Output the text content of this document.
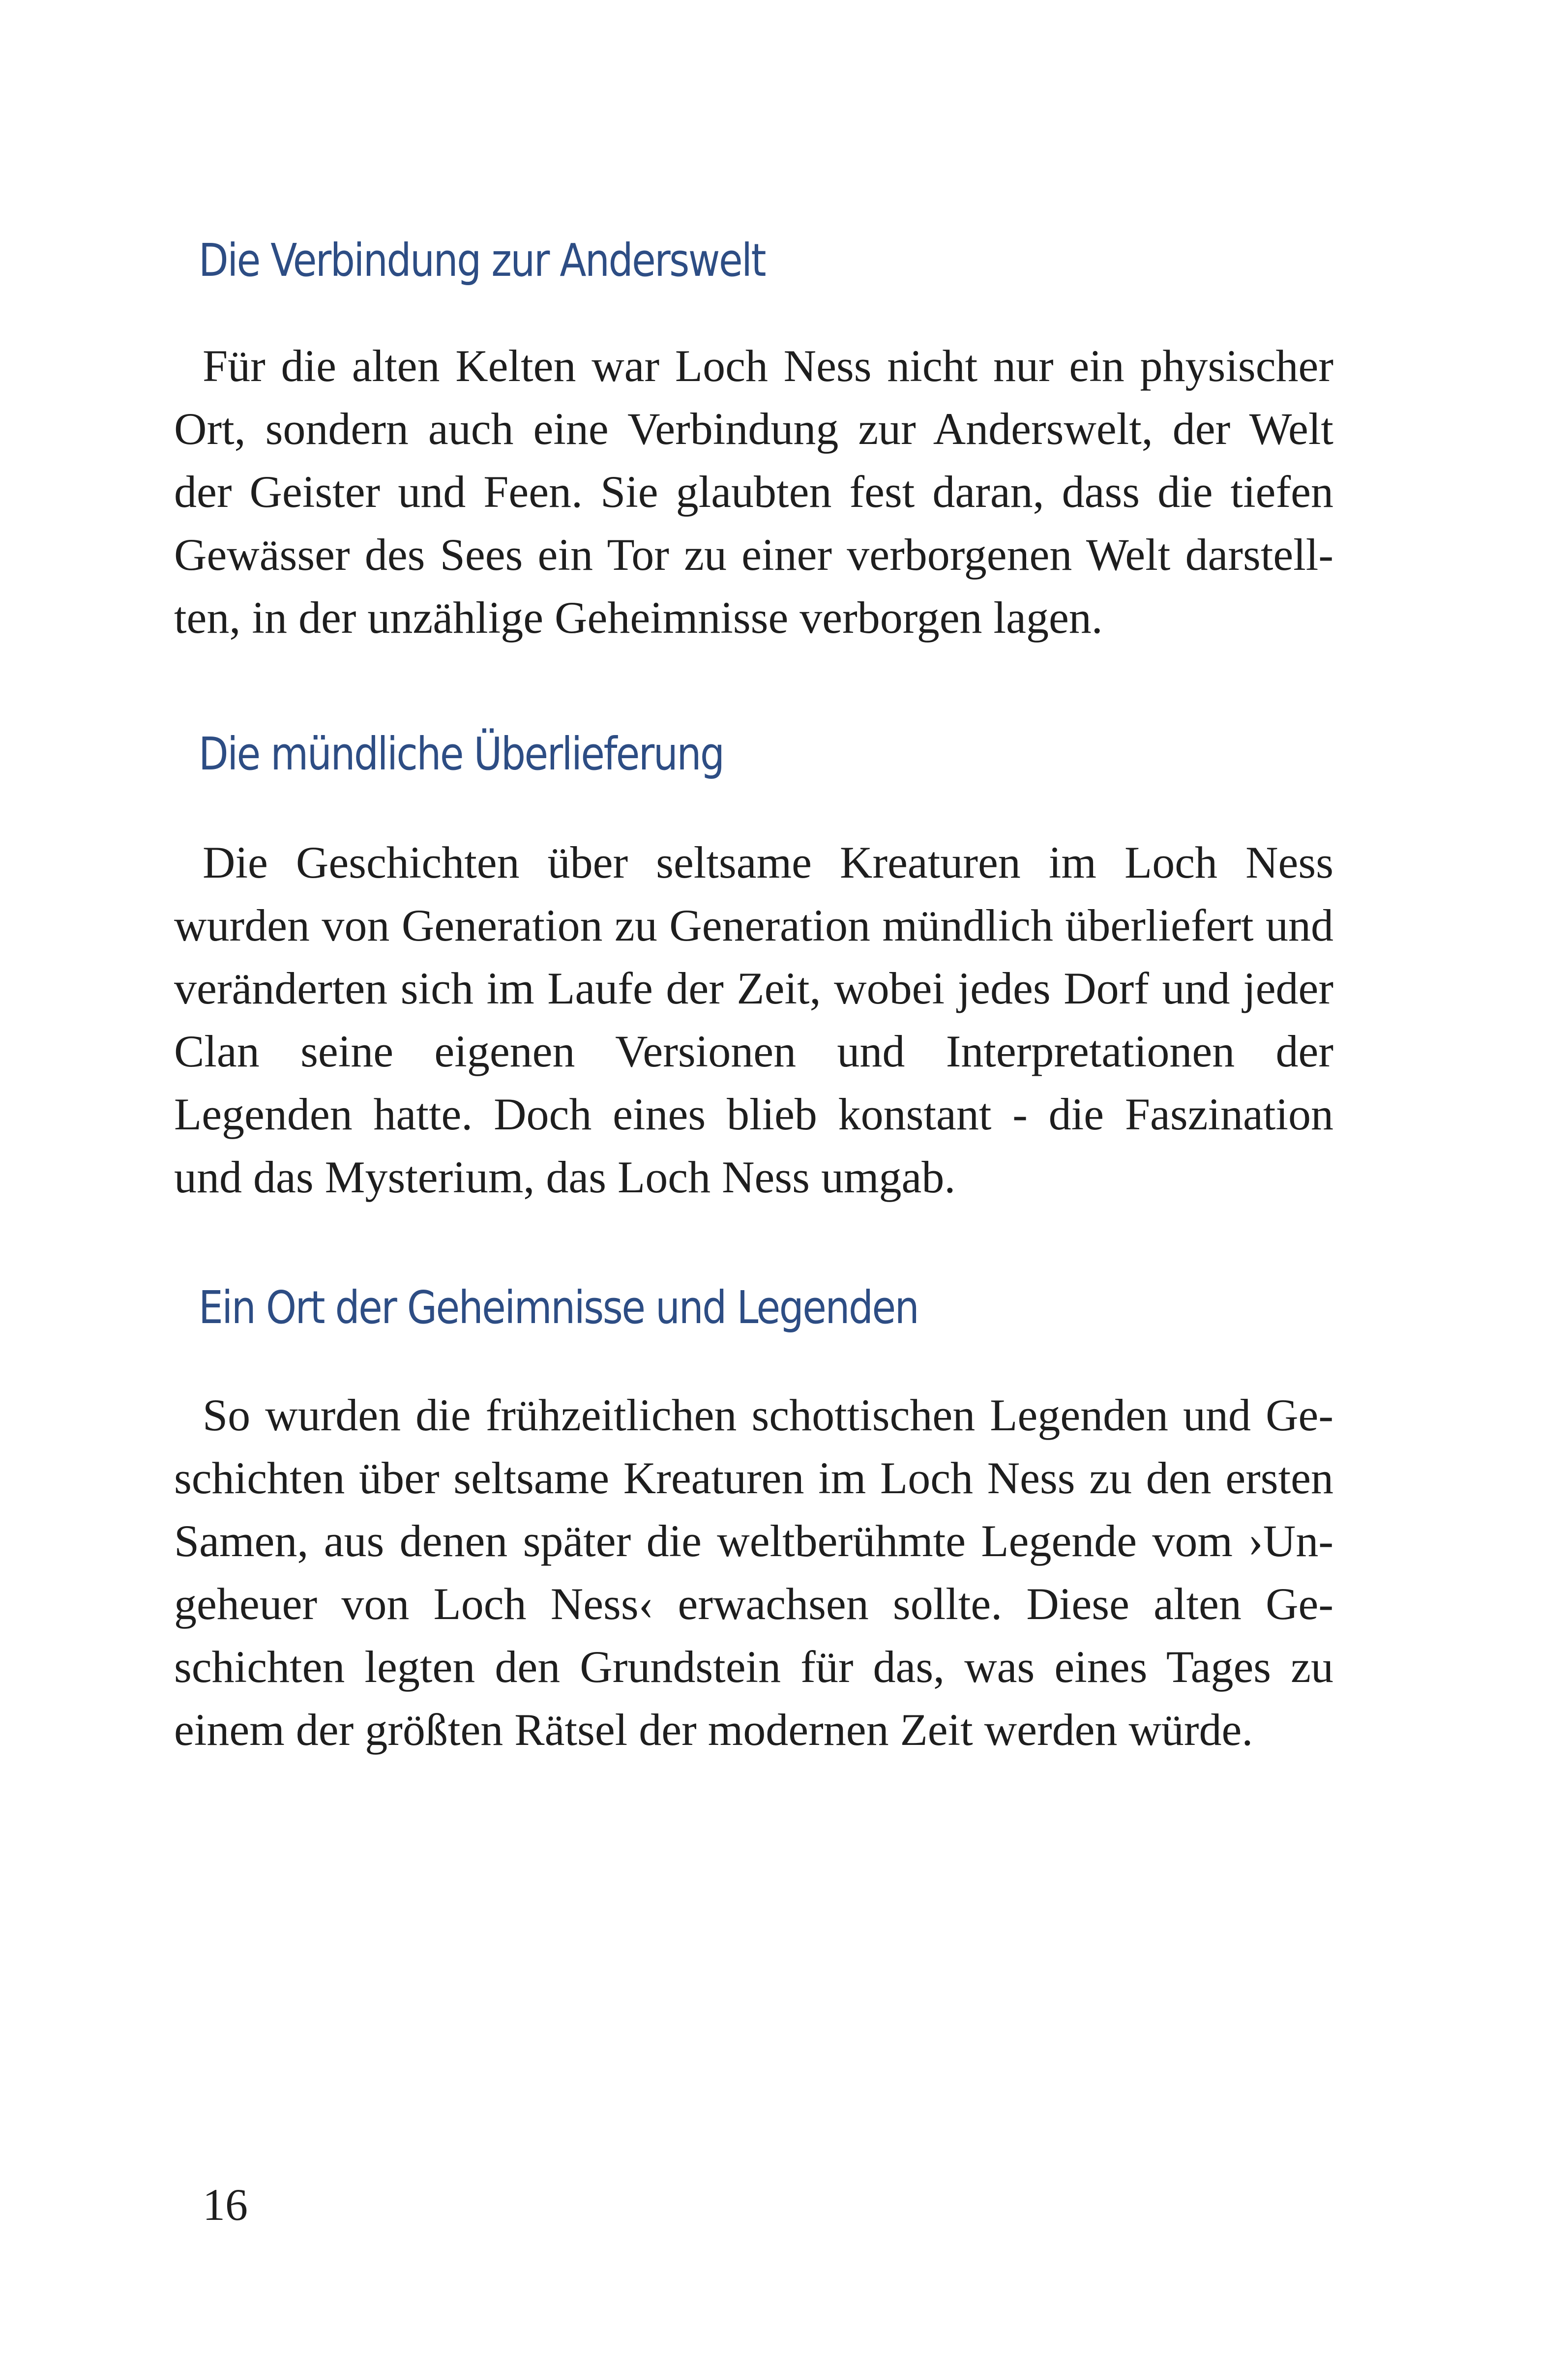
Die Verbindung zur Anderswelt

Für die alten Kelten war Loch Ness nicht nur ein physischer Ort, sondern auch eine Verbindung zur Anderswelt, der Welt der Geister und Feen. Sie glaubten fest daran, dass die tiefen Gewässer des Sees ein Tor zu einer verborgenen Welt darstell-ten, in der unzählige Geheimnisse verborgen lagen.

Die mündliche Überlieferung

Die Geschichten über seltsame Kreaturen im Loch Ness wurden von Generation zu Generation mündlich überliefert und veränderten sich im Laufe der Zeit, wobei jedes Dorf und jeder Clan seine eigenen Versionen und Interpretationen der Legenden hatte. Doch eines blieb konstant - die Faszination und das Mysterium, das Loch Ness umgab.

Ein Ort der Geheimnisse und Legenden

So wurden die frühzeitlichen schottischen Legenden und Ge-schichten über seltsame Kreaturen im Loch Ness zu den ersten Samen, aus denen später die weltberühmte Legende vom ›Un-geheuer von Loch Ness‹ erwachsen sollte. Diese alten Ge-schichten legten den Grundstein für das, was eines Tages zu einem der größten Rätsel der modernen Zeit werden würde.

16
